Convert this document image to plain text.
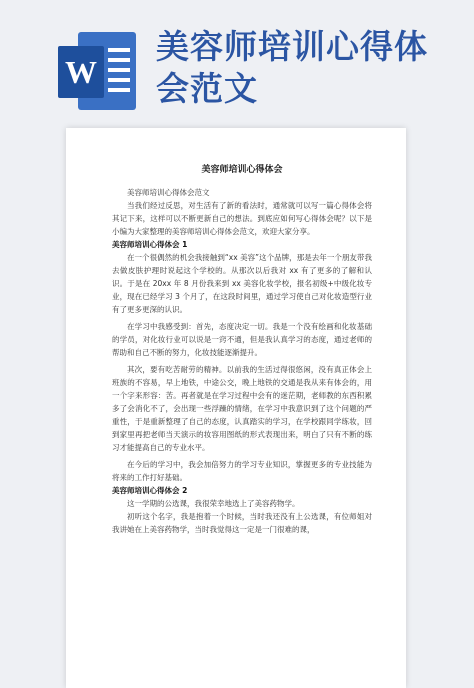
W
美容师培训心得体会范文
美容师培训心得体会

美容师培训心得体会范文

当我们经过反思，对生活有了新的看法时，通常就可以写一篇心得体会将其记下来，这样可以不断更新自己的想法。到底应如何写心得体会呢？以下是小编为大家整理的美容师培训心得体会范文，欢迎大家分享。

美容师培训心得体会 1

在一个很偶然的机会我接触到“xx 美容”这个品牌，那是去年一个朋友带我去做皮肤护理时说起这个学校的。从那次以后我对 xx 有了更多的了解和认识。于是在 20xx 年 8 月份我来到 xx 美容化妆学校，报名初级+中级化妆专业，现在已经学习 3 个月了，在这段时间里，通过学习使自己对化妆造型行业有了更多更深的认识。

在学习中我感受到：首先，态度决定一切。我是一个没有绘画和化妆基础的学员，对化妆行业可以说是一窍不通，但是我认真学习的态度，通过老师的帮助和自己不断的努力，化妆技能逐渐提升。

其次，要有吃苦耐劳的精神。以前我的生活过得很悠闲，没有真正体会上班族的不容易，早上地铁，中途公交，晚上地铁的交通是我从来有体会的，用一个字来形容：苦。再者就是在学习过程中会有的迷茫期，老师教的东西积累多了会消化不了，会出现一些浮躁的情绪，在学习中我意识到了这个问题的严重性，于是重新整理了自己的态度，认真踏实的学习，在学校跟同学练妆，回到家里再把老师当天演示的妆容用图纸的形式表现出来，明白了只有不断的练习才能提高自己的专业水平。

在今后的学习中，我会加倍努力的学习专业知识，掌握更多的专业技能为将来的工作打好基础。

美容师培训心得体会 2

这一学期的公选课，我很荣幸地选上了美容药物学。

初听这个名字，我是抱着一个时候，当时我还没有上公选课，有位师姐对我讲她在上美容药物学，当时我觉得这一定是一门很难的课，
